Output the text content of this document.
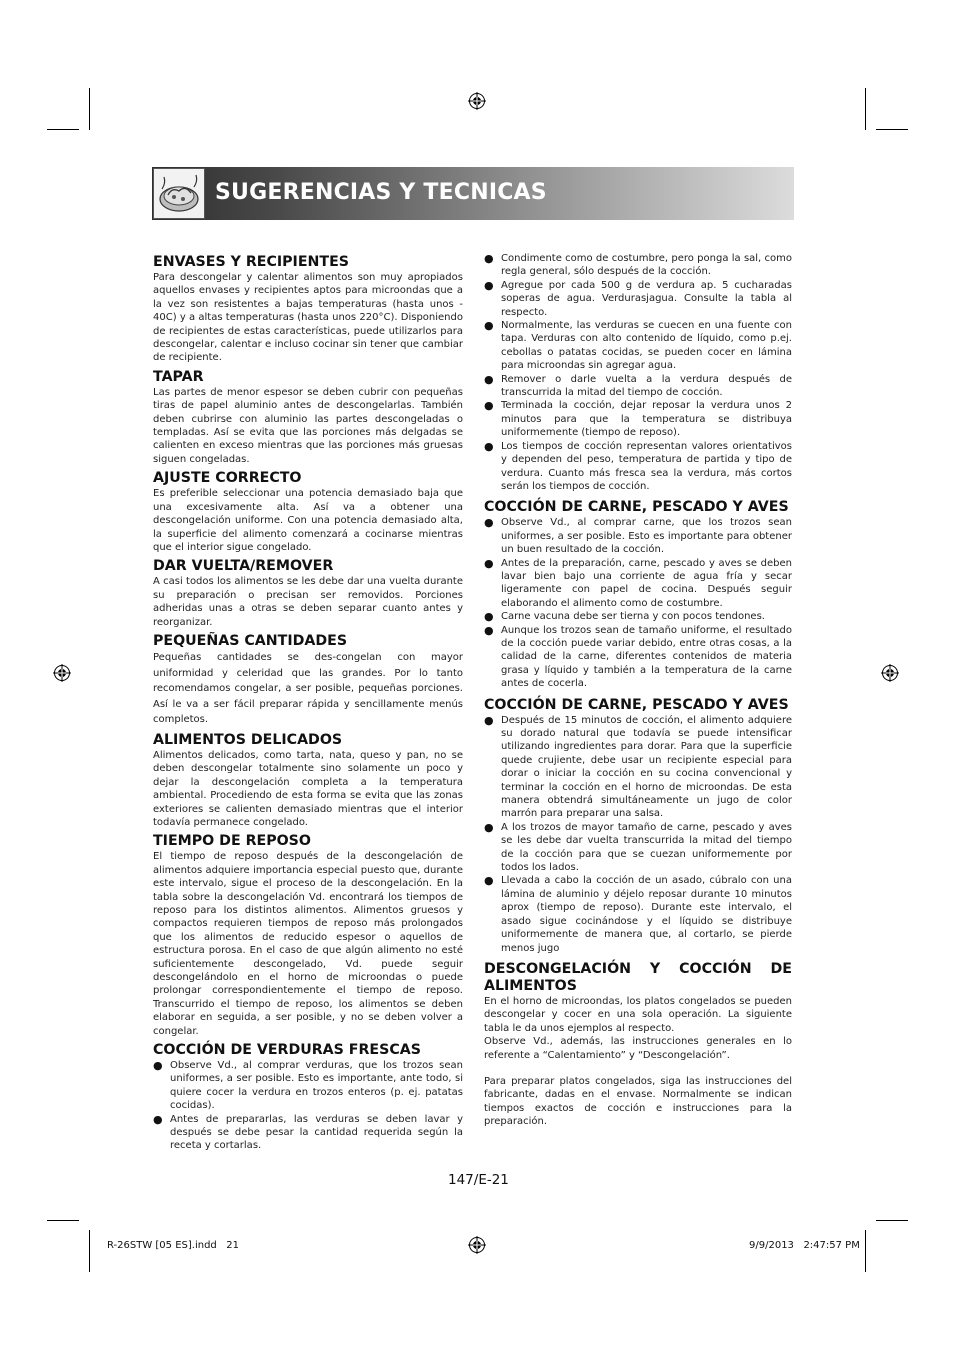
SUGERENCIAS Y TECNICAS
ENVASES Y RECIPIENTES

Para descongelar y calentar alimentos son muy apropiados aquellos envases y recipientes aptos para microondas que a la vez son resistentes a bajas temperaturas (hasta unos - 40C) y a altas temperaturas (hasta unos 220°C). Disponiendo de recipientes de estas características, puede utilizarlos para descongelar, calentar e incluso cocinar sin tener que cambiar de recipiente.

TAPAR

Las partes de menor espesor se deben cubrir con pequeñas tiras de papel aluminio antes de descongelarlas. También deben cubrirse con aluminio las partes descongeladas o templadas. Así se evita que las porciones más delgadas se calienten en exceso mientras que las porciones más gruesas siguen congeladas.

AJUSTE CORRECTO

Es preferible seleccionar una potencia demasiado baja que una excesivamente alta. Así va a obtener una descongelación uniforme. Con una potencia demasiado alta, la superficie del alimento comenzará a cocinarse mientras que el interior sigue congelado.

DAR VUELTA/REMOVER

A casi todos los alimentos se les debe dar una vuelta durante su preparación o precisan ser removidos. Porciones adheridas unas a otras se deben separar cuanto antes y reorganizar.

PEQUEÑAS CANTIDADES

Pequeñas cantidades se des-congelan con mayor uniformidad y celeridad que las grandes. Por lo tanto recomendamos congelar, a ser posible, pequeñas porciones. Así le va a ser fácil preparar rápida y sencillamente menús completos.

ALIMENTOS DELICADOS

Alimentos delicados, como tarta, nata, queso y pan, no se deben descongelar totalmente sino solamente un poco y dejar la descongelación completa a la temperatura ambiental. Procediendo de esta forma se evita que las zonas exteriores se calienten demasiado mientras que el interior todavía permanece congelado.

TIEMPO DE REPOSO

El tiempo de reposo después de la descongelación de alimentos adquiere importancia especial puesto que, durante este intervalo, sigue el proceso de la descongelación. En la tabla sobre la descongelación Vd. encontrará los tiempos de reposo para los distintos alimentos. Alimentos gruesos y compactos requieren tiempos de reposo más prolongados que los alimentos de reducido espesor o aquellos de estructura porosa. En el caso de que algún alimento no esté suficientemente descongelado, Vd. puede seguir descongelándolo en el horno de microondas o puede prolongar correspondientemente el tiempo de reposo. Transcurrido el tiempo de reposo, los alimentos se deben elaborar en seguida, a ser posible, y no se deben volver a congelar.

COCCIÓN DE VERDURAS FRESCAS
● Observe Vd., al comprar verduras, que los trozos sean uniformes, a ser posible. Esto es importante, ante todo, si quiere cocer la verdura en trozos enteros (p. ej. patatas cocidas).
● Antes de prepararlas, las verduras se deben lavar y después se debe pesar la cantidad requerida según la receta y cortarlas.
● Condimente como de costumbre, pero ponga la sal, como regla general, sólo después de la cocción.
● Agregue por cada 500 g de verdura ap. 5 cucharadas soperas de agua. Verdurasjagua. Consulte la tabla al respecto.
● Normalmente, las verduras se cuecen en una fuente con tapa. Verduras con alto contenido de líquido, como p.ej. cebollas o patatas cocidas, se pueden cocer en lámina para microondas sin agregar agua.
● Remover o darle vuelta a la verdura después de transcurrida la mitad del tiempo de cocción.
● Terminada la cocción, dejar reposar la verdura unos 2 minutos para que la temperatura se distribuya uniformemente (tiempo de reposo).
● Los tiempos de cocción representan valores orientativos y dependen del peso, temperatura de partida y tipo de verdura. Cuanto más fresca sea la verdura, más cortos serán los tiempos de cocción.
COCCIÓN DE CARNE, PESCADO Y AVES
● Observe Vd., al comprar carne, que los trozos sean uniformes, a ser posible. Esto es importante para obtener un buen resultado de la cocción.
● Antes de la preparación, carne, pescado y aves se deben lavar bien bajo una corriente de agua fría y secar ligeramente con papel de cocina. Después seguir elaborando el alimento como de costumbre.
● Carne vacuna debe ser tierna y con pocos tendones.
● Aunque los trozos sean de tamaño uniforme, el resultado de la cocción puede variar debido, entre otras cosas, a la calidad de la carne, diferentes contenidos de materia grasa y líquido y también a la temperatura de la carne antes de cocerla.
COCCIÓN DE CARNE, PESCADO Y AVES
● Después de 15 minutos de cocción, el alimento adquiere su dorado natural que todavía se puede intensificar utilizando ingredientes para dorar. Para que la superficie quede crujiente, debe usar un recipiente especial para dorar o iniciar la cocción en su cocina convencional y terminar la cocción en el horno de microondas. De esta manera obtendrá simultáneamente un jugo de color marrón para preparar una salsa.
● A los trozos de mayor tamaño de carne, pescado y aves se les debe dar vuelta transcurrida la mitad del tiempo de la cocción para que se cuezan uniformemente por todos los lados.
● Llevada a cabo la cocción de un asado, cúbralo con una lámina de aluminio y déjelo reposar durante 10 minutos aprox (tiempo de reposo). Durante este intervalo, el asado sigue cocinándose y el líquido se distribuye uniformemente de manera que, al cortarlo, se pierde menos jugo
DESCONGELACIÓN Y COCCIÓN DE ALIMENTOS

En el horno de microondas, los platos congelados se pueden descongelar y cocer en una sola operación. La siguiente tabla le da unos ejemplos al respecto.

Observe Vd., además, las instrucciones generales en lo referente a “Calentamiento” y “Descongelación”.

Para preparar platos congelados, siga las instrucciones del fabricante, dadas en el envase. Normalmente se indican tiempos exactos de cocción e instrucciones para la preparación.

147/E-21
R-26STW [05 ES].indd   21	9/9/2013   2:47:57 PM
